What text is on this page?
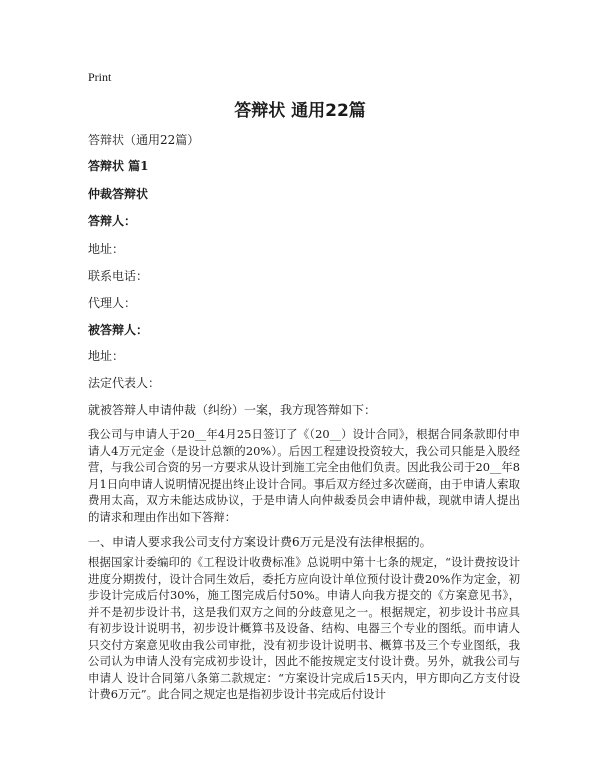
Print
答辩状 通用22篇
答辩状（通用22篇）
答辩状 篇1
仲裁答辩状
答辩人：
地址：
联系电话：
代理人：
被答辩人：
地址：
法定代表人：
就被答辩人申请仲裁（纠纷）一案，我方现答辩如下：
我公司与申请人于20__年4月25日签订了《（20__）设计合同》，根据合同条款即付申请人4万元定金（是设计总额的20%）。后因工程建设投资较大，我公司只能是入股经营，与我公司合资的另一方要求从设计到施工完全由他们负责。因此我公司于20__年8月1日向申请人说明情况提出终止设计合同。事后双方经过多次磋商，由于申请人索取费用太高，双方未能达成协议，于是申请人向仲裁委员会申请仲裁，现就申请人提出的请求和理由作出如下答辩：
一、申请人要求我公司支付方案设计费6万元是没有法律根据的。
根据国家计委编印的《工程设计收费标准》总说明中第十七条的规定，“设计费按设计进度分期拨付，设计合同生效后，委托方应向设计单位预付设计费20%作为定金，初步设计完成后付30%，施工图完成后付50%。申请人向我方提交的《方案意见书》，并不是初步设计书，这是我们双方之间的分歧意见之一。根据规定，初步设计书应具有初步设计说明书，初步设计概算书及设备、结构、电器三个专业的图纸。而申请人只交付方案意见收由我公司审批，没有初步设计说明书、概算书及三个专业图纸，我公司认为申请人没有完成初步设计，因此不能按规定支付设计费。另外，就我公司与申请人 设计合同第八条第二款规定：“方案设计完成后15天内，甲方即向乙方支付设计费6万元”。此合同之规定也是指初步设计书完成后付设计
